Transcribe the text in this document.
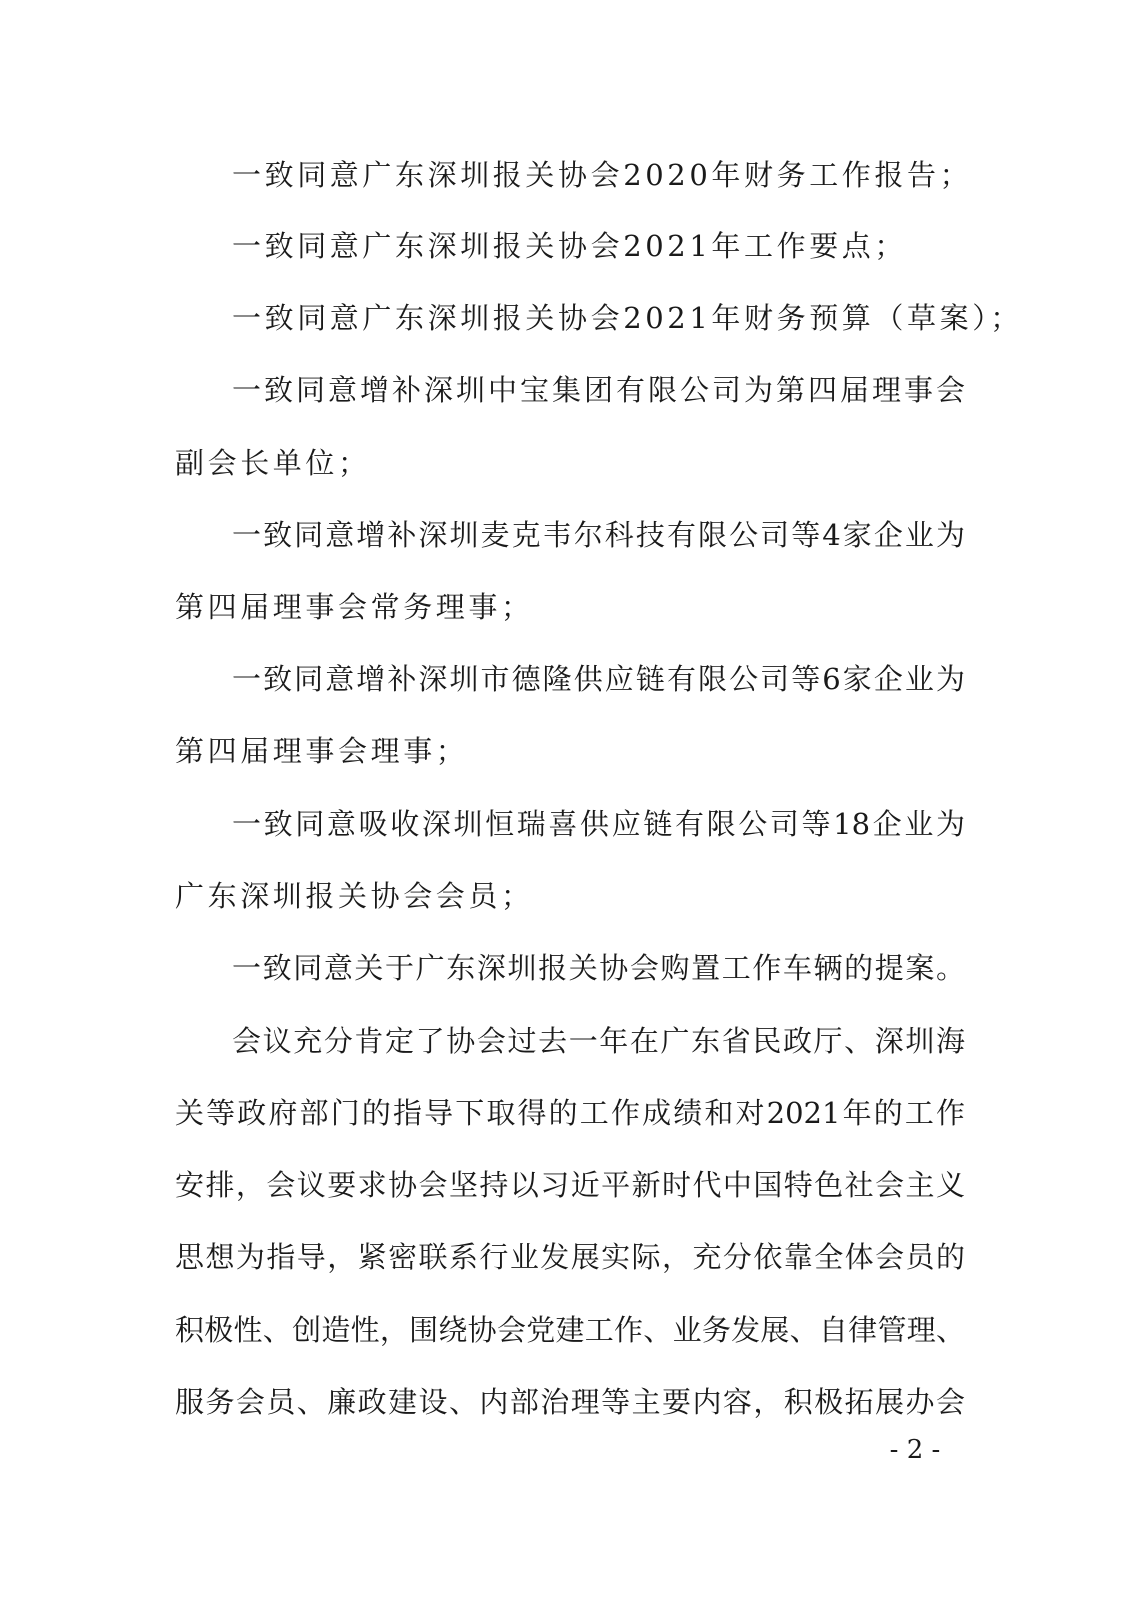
一致同意广东深圳报关协会2020年财务工作报告；
一致同意广东深圳报关协会2021年工作要点；
一致同意广东深圳报关协会2021年财务预算（草案）；
一致同意增补深圳中宝集团有限公司为第四届理事会
副会长单位；
一致同意增补深圳麦克韦尔科技有限公司等4家企业为
第四届理事会常务理事；
一致同意增补深圳市德隆供应链有限公司等6家企业为
第四届理事会理事；
一致同意吸收深圳恒瑞喜供应链有限公司等18企业为
广东深圳报关协会会员；
一致同意关于广东深圳报关协会购置工作车辆的提案。
会议充分肯定了协会过去一年在广东省民政厅、深圳海
关等政府部门的指导下取得的工作成绩和对2021年的工作
安排，会议要求协会坚持以习近平新时代中国特色社会主义
思想为指导，紧密联系行业发展实际，充分依靠全体会员的
积极性、创造性，围绕协会党建工作、业务发展、自律管理、
服务会员、廉政建设、内部治理等主要内容，积极拓展办会
- 2 -
